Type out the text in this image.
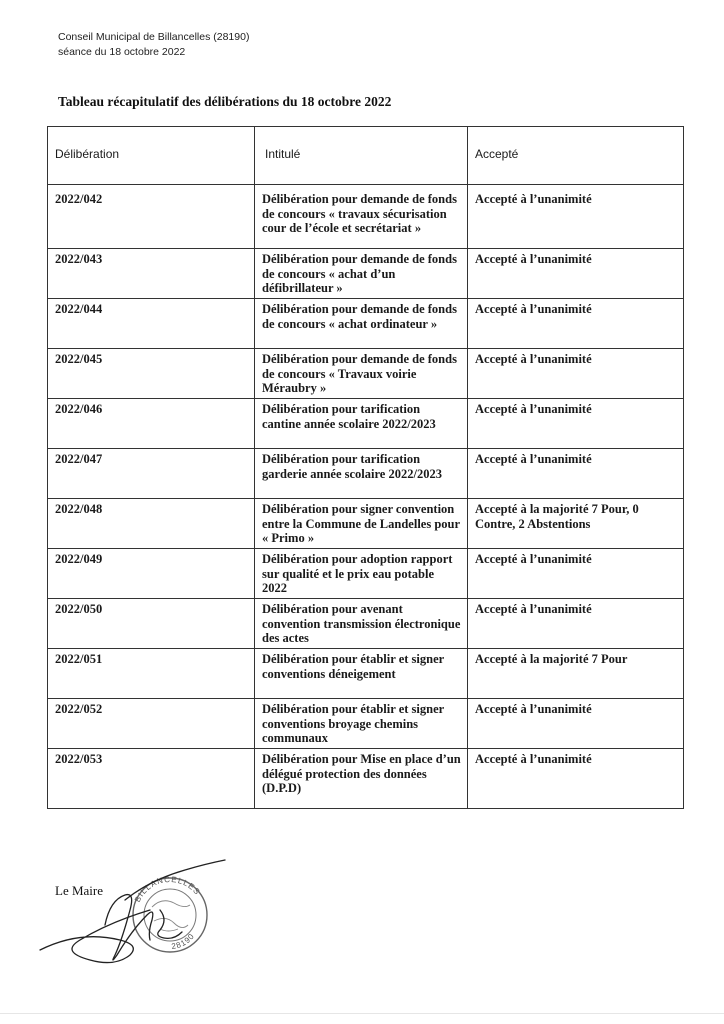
Conseil Municipal de Billancelles (28190)
séance du 18 octobre 2022
Tableau récapitulatif des délibérations du 18 octobre 2022
Délibération	Intitulé	Accepté
2022/042	Délibération pour demande de fonds de concours « travaux sécurisation cour de l’école et secrétariat »	Accepté à l’unanimité
2022/043	Délibération pour demande de fonds de concours « achat d’un défibrillateur »	Accepté à l’unanimité
2022/044	Délibération pour demande de fonds de concours « achat ordinateur »	Accepté à l’unanimité
2022/045	Délibération pour demande de fonds de concours « Travaux voirie Méraubry »	Accepté à l’unanimité
2022/046	Délibération pour tarification cantine année scolaire 2022/2023	Accepté à l’unanimité
2022/047	Délibération pour tarification garderie année scolaire 2022/2023	Accepté à l’unanimité
2022/048	Délibération pour signer convention entre la Commune de Landelles pour « Primo »	Accepté à la majorité 7 Pour, 0 Contre, 2 Abstentions
2022/049	Délibération pour adoption rapport sur qualité et le prix eau potable 2022	Accepté à l’unanimité
2022/050	Délibération pour avenant convention transmission électronique des actes	Accepté à l’unanimité
2022/051	Délibération pour établir et signer conventions déneigement	Accepté à la majorité 7 Pour
2022/052	Délibération pour établir et signer conventions broyage chemins communaux	Accepté à l’unanimité
2022/053	Délibération pour Mise en place d’un délégué protection des données (D.P.D)	Accepté à l’unanimité
Le Maire
BILLANCELLES
28190
